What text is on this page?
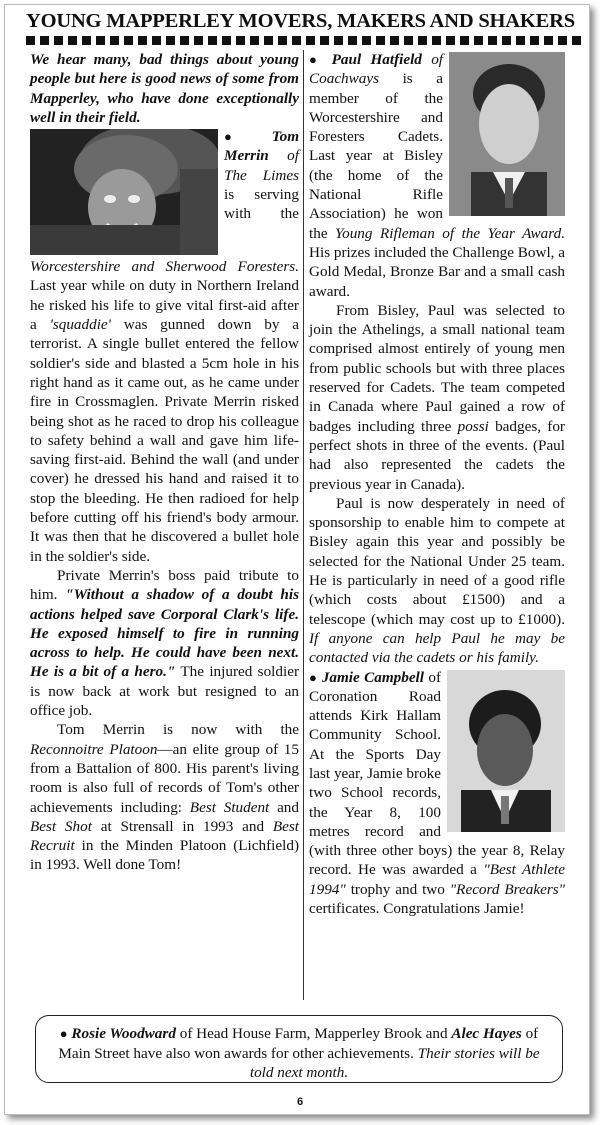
YOUNG MAPPERLEY MOVERS, MAKERS AND SHAKERS

We hear many, bad things about young people but here is good news of some from Mapperley, who have done exceptionally well in their field.

● Tom Merrin of The Limes is serving with the Worcestershire and Sherwood Foresters. Last year while on duty in Northern Ireland he risked his life to give vital first-aid after a 'squaddie' was gunned down by a terrorist. A single bullet entered the fellow soldier's side and blasted a 5cm hole in his right hand as it came out, as he came under fire in Crossmaglen. Private Merrin risked being shot as he raced to drop his colleague to safety behind a wall and gave him life-saving first-aid. Behind the wall (and under cover) he dressed his hand and raised it to stop the bleeding. He then radioed for help before cutting off his friend's body armour. It was then that he discovered a bullet hole in the soldier's side.

Private Merrin's boss paid tribute to him. "Without a shadow of a doubt his actions helped save Corporal Clark's life. He exposed himself to fire in running across to help. He could have been next. He is a bit of a hero." The injured soldier is now back at work but resigned to an office job.

Tom Merrin is now with the Reconnoitre Platoon—an elite group of 15 from a Battalion of 800. His parent's living room is also full of records of Tom's other achievements including: Best Student and Best Shot at Strensall in 1993 and Best Recruit in the Minden Platoon (Lichfield) in 1993. Well done Tom!

● Paul Hatfield of Coachways is a member of the Worcestershire and Foresters Cadets. Last year at Bisley (the home of the National Rifle Association) he won the Young Rifleman of the Year Award. His prizes included the Challenge Bowl, a Gold Medal, Bronze Bar and a small cash award.

From Bisley, Paul was selected to join the Athelings, a small national team comprised almost entirely of young men from public schools but with three places reserved for Cadets. The team competed in Canada where Paul gained a row of badges including three possi badges, for perfect shots in three of the events. (Paul had also represented the cadets the previous year in Canada).

Paul is now desperately in need of sponsorship to enable him to compete at Bisley again this year and possibly be selected for the National Under 25 team. He is particularly in need of a good rifle (which costs about £1500) and a telescope (which may cost up to £1000). If anyone can help Paul he may be contacted via the cadets or his family.

● Jamie Campbell of Coronation Road attends Kirk Hallam Community School. At the Sports Day last year, Jamie broke two School records, the Year 8, 100 metres record and (with three other boys) the year 8, Relay record. He was awarded a "Best Athlete 1994" trophy and two "Record Breakers" certificates. Congratulations Jamie!

● Rosie Woodward of Head House Farm, Mapperley Brook and Alec Hayes of Main Street have also won awards for other achievements. Their stories will be told next month.
6
